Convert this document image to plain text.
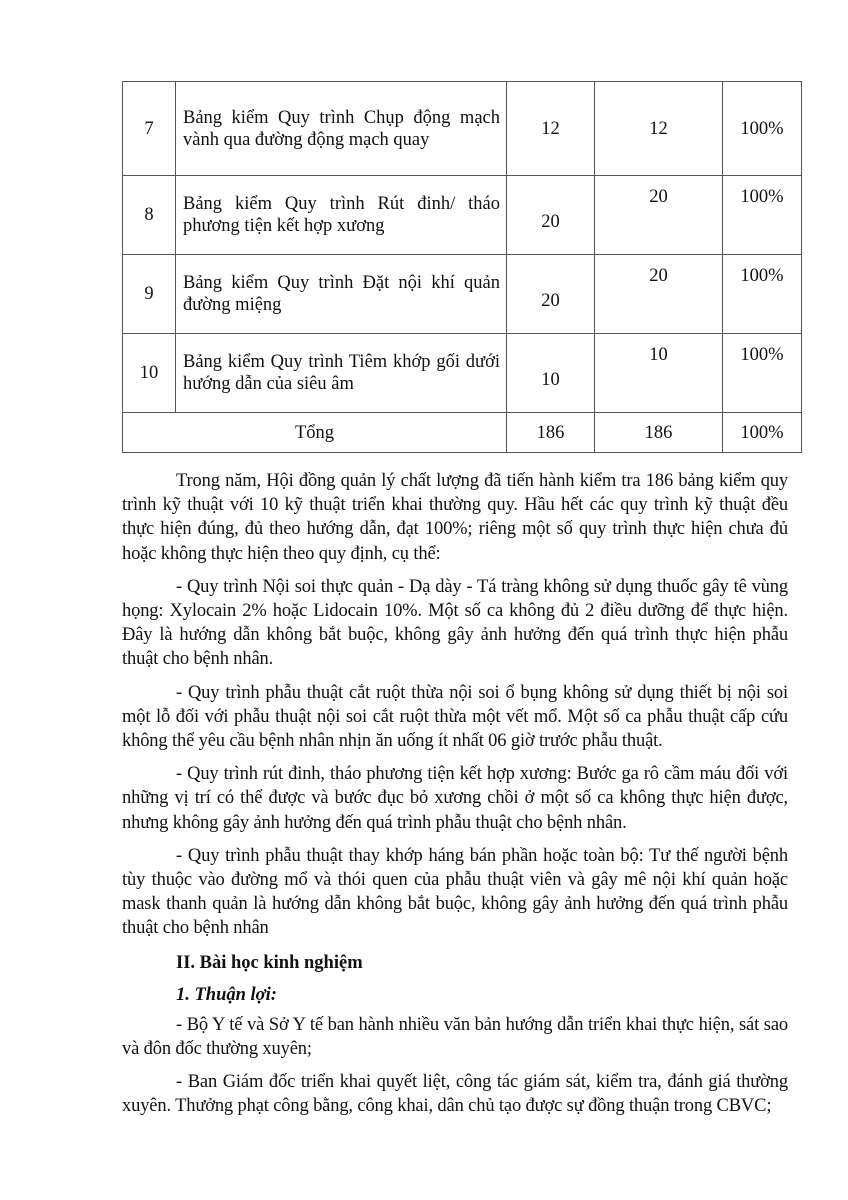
7	Bảng kiểm Quy trình Chụp động mạch vành qua đường động mạch quay	12	12	100%
8	Bảng kiểm Quy trình Rút đinh/ tháo phương tiện kết hợp xương	20	20	100%
9	Bảng kiểm Quy trình Đặt nội khí quản đường miệng	20	20	100%
10	Bảng kiểm Quy trình Tiêm khớp gối dưới hướng dẫn của siêu âm	10	10	100%
Tổng		186	186	100%

Trong năm, Hội đồng quản lý chất lượng đã tiến hành kiểm tra 186 bảng kiểm quy trình kỹ thuật với 10 kỹ thuật triển khai thường quy. Hầu hết các quy trình kỹ thuật đều thực hiện đúng, đủ theo hướng dẫn, đạt 100%; riêng một số quy trình thực hiện chưa đủ hoặc không thực hiện theo quy định, cụ thể:

- Quy trình Nội soi thực quản - Dạ dày - Tá tràng không sử dụng thuốc gây tê vùng họng: Xylocain 2% hoặc Lidocain 10%. Một số ca không đủ 2 điều dưỡng để thực hiện. Đây là hướng dẫn không bắt buộc, không gây ảnh hưởng đến quá trình thực hiện phẫu thuật cho bệnh nhân.

- Quy trình phẫu thuật cắt ruột thừa nội soi ổ bụng không sử dụng thiết bị nội soi một lỗ đối với phẫu thuật nội soi cắt ruột thừa một vết mổ. Một số ca phẫu thuật cấp cứu không thể yêu cầu bệnh nhân nhịn ăn uống ít nhất 06 giờ trước phẫu thuật.

- Quy trình rút đinh, tháo phương tiện kết hợp xương: Bước ga rô cầm máu đối với những vị trí có thể được và bước đục bỏ xương chồi ở một số ca không thực hiện được, nhưng không gây ảnh hưởng đến quá trình phẫu thuật cho bệnh nhân.

- Quy trình phẫu thuật thay khớp háng bán phần hoặc toàn bộ: Tư thế người bệnh tùy thuộc vào đường mổ và thói quen của phẫu thuật viên và gây mê nội khí quản hoặc mask thanh quản là hướng dẫn không bắt buộc, không gây ảnh hưởng đến quá trình phẫu thuật cho bệnh nhân

II. Bài học kinh nghiệm
1. Thuận lợi:

- Bộ Y tế và Sở Y tế ban hành nhiều văn bản hướng dẫn triển khai thực hiện, sát sao và đôn đốc thường xuyên;

- Ban Giám đốc triển khai quyết liệt, công tác giám sát, kiểm tra, đánh giá thường xuyên. Thưởng phạt công bằng, công khai, dân chủ tạo được sự đồng thuận trong CBVC;
